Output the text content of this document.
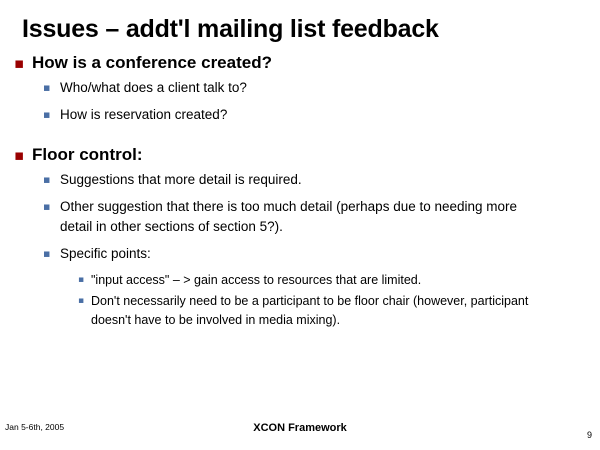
Issues – addt'l mailing list feedback
▪ How is a conference created?
▪ Who/what does a client talk to?
▪ How is reservation created?
▪ Floor control:
▪ Suggestions that more detail is required.
▪ Other suggestion that there is too much detail (perhaps due to needing more detail in other sections of section 5?).
▪ Specific points:
▪ "input access" – > gain access to resources that are limited.
▪ Don't necessarily need to be a participant to be floor chair (however, participant doesn't have to be involved in media mixing).
Jan 5-6th, 2005	XCON Framework
9
